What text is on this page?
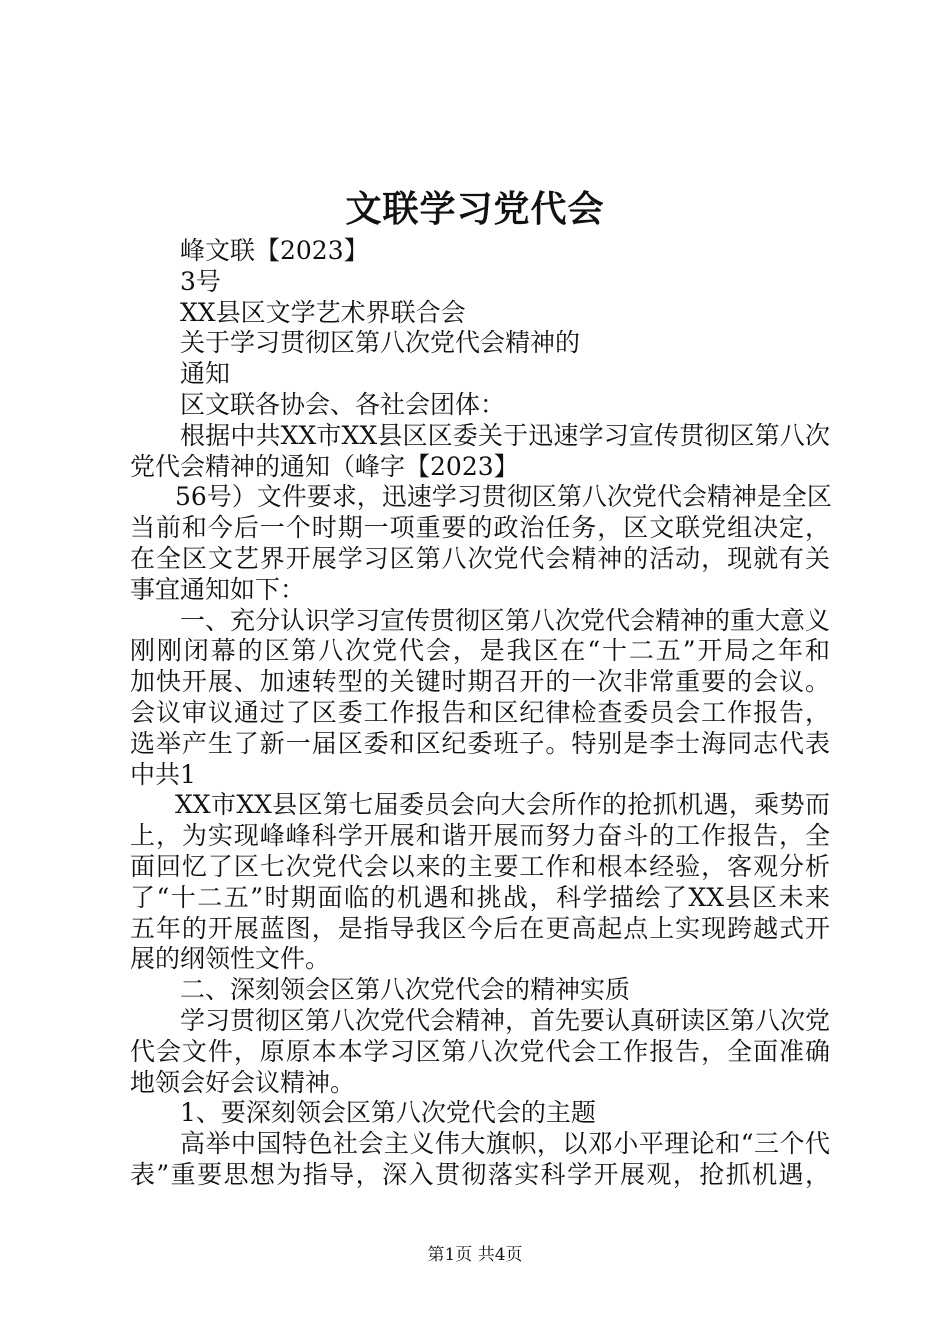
文联学习党代会
峰文联【2023】
3号
XX县区文学艺术界联合会
关于学习贯彻区第八次党代会精神的
通知
区文联各协会、各社会团体：
根据中共XX市XX县区区委关于迅速学习宣传贯彻区第八次
党代会精神的通知（峰字【2023】
56号）文件要求，迅速学习贯彻区第八次党代会精神是全区
当前和今后一个时期一项重要的政治任务，区文联党组决定，
在全区文艺界开展学习区第八次党代会精神的活动，现就有关
事宜通知如下：
一、充分认识学习宣传贯彻区第八次党代会精神的重大意义
刚刚闭幕的区第八次党代会，是我区在“十二五”开局之年和
加快开展、加速转型的关键时期召开的一次非常重要的会议。
会议审议通过了区委工作报告和区纪律检查委员会工作报告，
选举产生了新一届区委和区纪委班子。特别是李士海同志代表
中共1
XX市XX县区第七届委员会向大会所作的抢抓机遇，乘势而
上，为实现峰峰科学开展和谐开展而努力奋斗的工作报告，全
面回忆了区七次党代会以来的主要工作和根本经验，客观分析
了“十二五”时期面临的机遇和挑战，科学描绘了XX县区未来
五年的开展蓝图，是指导我区今后在更高起点上实现跨越式开
展的纲领性文件。
二、深刻领会区第八次党代会的精神实质
学习贯彻区第八次党代会精神，首先要认真研读区第八次党
代会文件，原原本本学习区第八次党代会工作报告，全面准确
地领会好会议精神。
1、要深刻领会区第八次党代会的主题
高举中国特色社会主义伟大旗帜，以邓小平理论和“三个代
表”重要思想为指导，深入贯彻落实科学开展观，抢抓机遇，
第1页 共4页
